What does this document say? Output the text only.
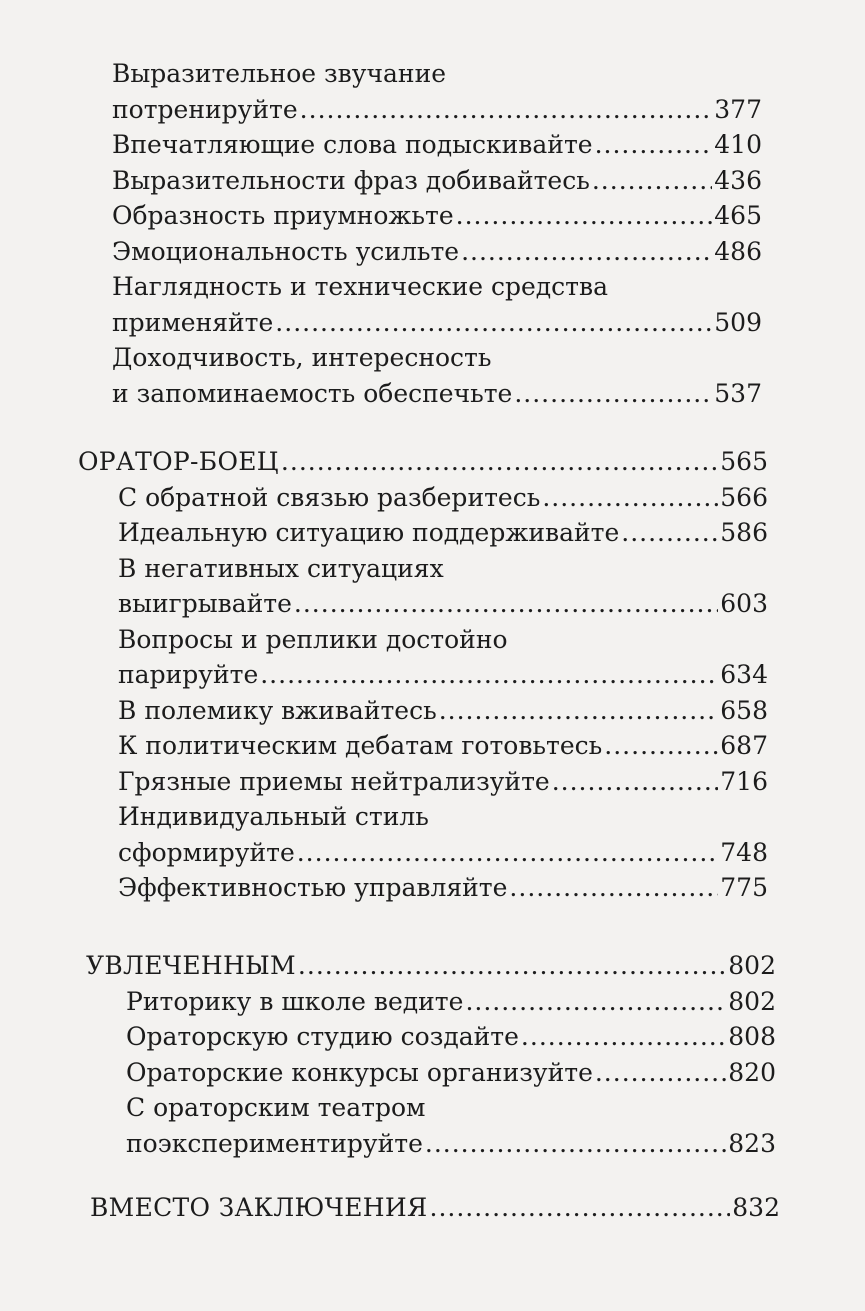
Выразительное звучание
потренируйте .....	377
Впечатляющие слова подыскивайте .....	410
Выразительности фраз добивайтесь .....	436
Образность приумножьте .....	465
Эмоциональность усильте .....	486
Наглядность и технические средства
применяйте .....	509
Доходчивость, интересность
и запоминаемость обеспечьте .....	537
ОРАТОР-БОЕЦ .....	565
С обратной связью разберитесь .....	566
Идеальную ситуацию поддерживайте .....	586
В негативных ситуациях
выигрывайте .....	603
Вопросы и реплики достойно
парируйте .....	634
В полемику вживайтесь .....	658
К политическим дебатам готовьтесь .....	687
Грязные приемы нейтрализуйте .....	716
Индивидуальный стиль
сформируйте .....	748
Эффективностью управляйте .....	775
УВЛЕЧЕННЫМ .....	802
Риторику в школе ведите .....	802
Ораторскую студию создайте .....	808
Ораторские конкурсы организуйте .....	820
С ораторским театром
поэкспериментируйте .....	823
ВМЕСТО ЗАКЛЮЧЕНИЯ .....	832
